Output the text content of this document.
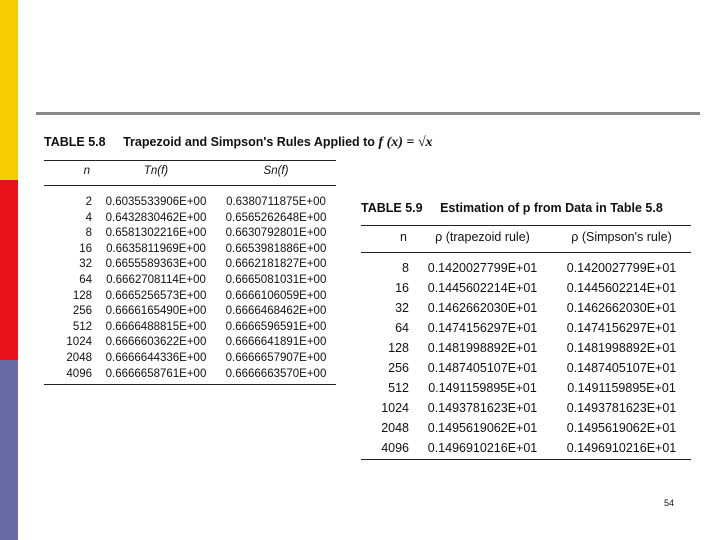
TABLE 5.8 Trapezoid and Simpson's Rules Applied to f (x) = √x
n	Tn(f)	Sn(f)
2	0.6035533906E+00	0.6380711875E+00
4	0.6432830462E+00	0.6565262648E+00
8	0.6581302216E+00	0.6630792801E+00
16	0.6635811969E+00	0.6653981886E+00
32	0.6655589363E+00	0.6662181827E+00
64	0.6662708114E+00	0.6665081031E+00
128	0.6665256573E+00	0.6666106059E+00
256	0.6666165490E+00	0.6666468462E+00
512	0.6666488815E+00	0.6666596591E+00
1024	0.6666603622E+00	0.6666641891E+00
2048	0.6666644336E+00	0.6666657907E+00
4096	0.6666658761E+00	0.6666663570E+00
TABLE 5.9 Estimation of p from Data in Table 5.8
n	ρ (trapezoid rule)	ρ (Simpson's rule)
8	0.1420027799E+01	0.1420027799E+01
16	0.1445602214E+01	0.1445602214E+01
32	0.1462662030E+01	0.1462662030E+01
64	0.1474156297E+01	0.1474156297E+01
128	0.1481998892E+01	0.1481998892E+01
256	0.1487405107E+01	0.1487405107E+01
512	0.1491159895E+01	0.1491159895E+01
1024	0.1493781623E+01	0.1493781623E+01
2048	0.1495619062E+01	0.1495619062E+01
4096	0.1496910216E+01	0.1496910216E+01
54
